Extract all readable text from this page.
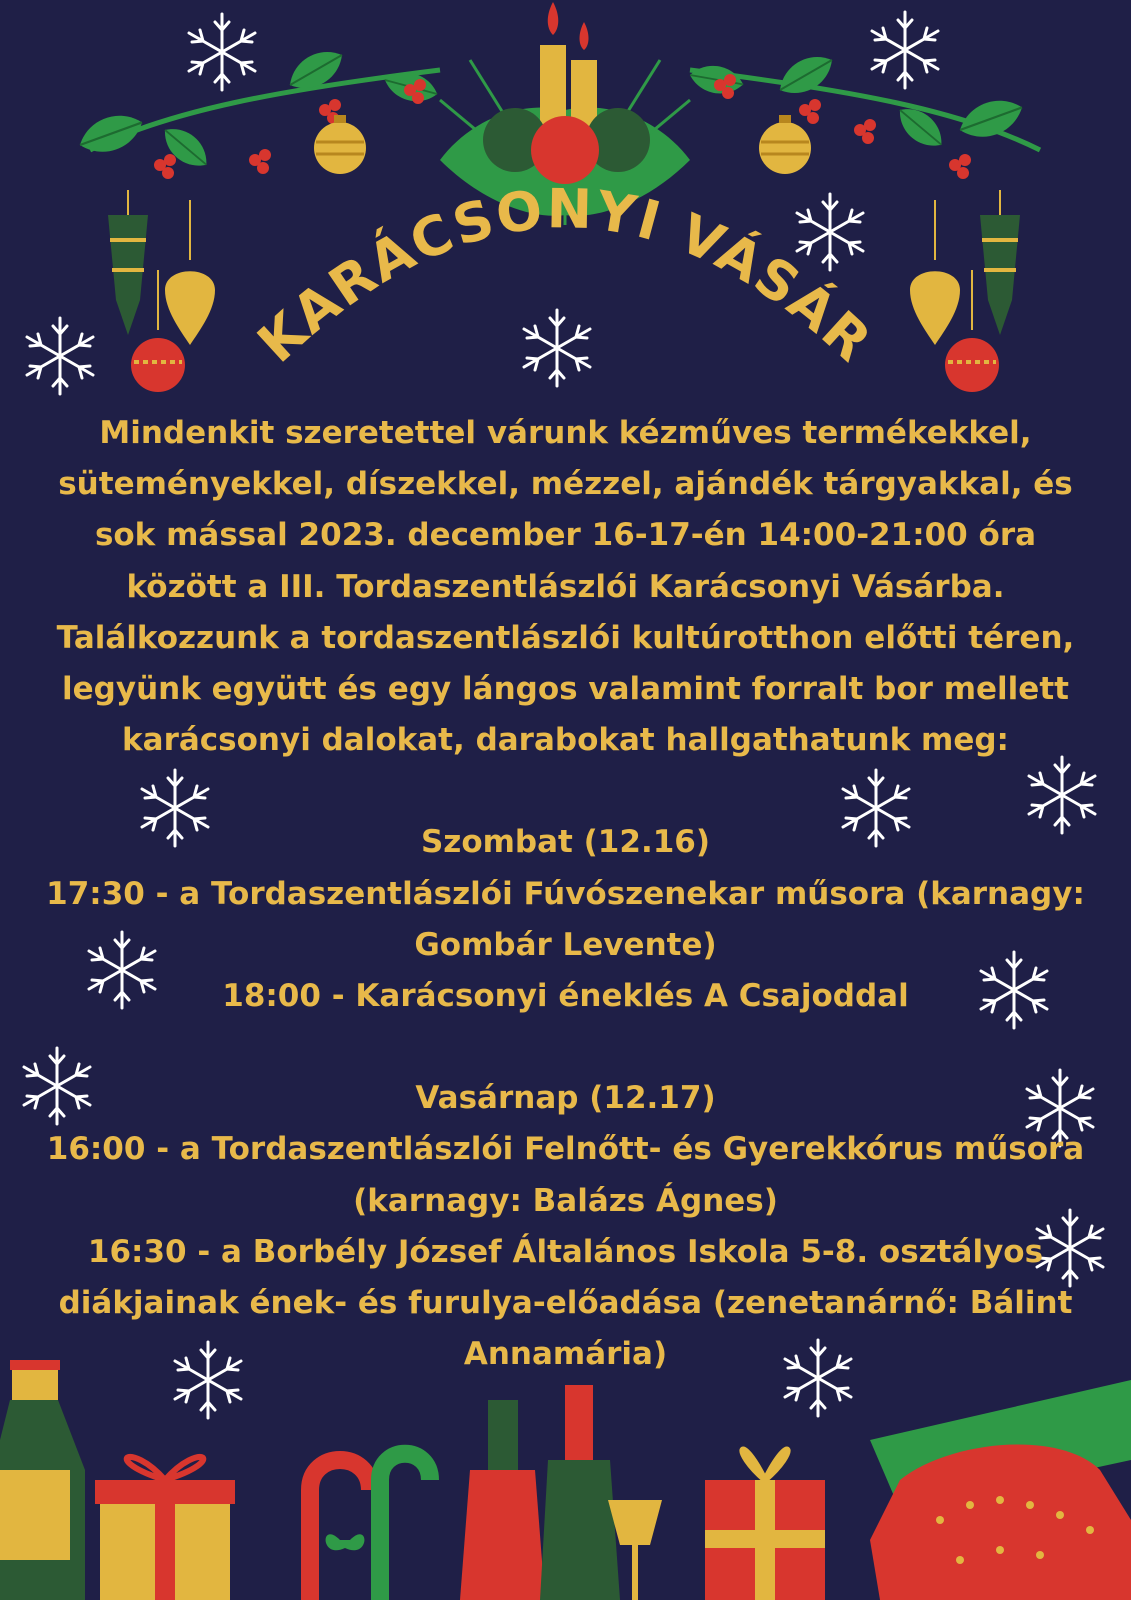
KARÁCSONYI VÁSÁR

Mindenkit szeretettel várunk kézműves termékekkel,

süteményekkel, díszekkel, mézzel, ajándék tárgyakkal, és

sok mással 2023. december 16-17-én 14:00-21:00 óra

között a III. Tordaszentlászlói Karácsonyi Vásárba.

Találkozzunk a tordaszentlászlói kultúrotthon előtti téren,

legyünk együtt és egy lángos valamint forralt bor mellett

karácsonyi dalokat, darabokat hallgathatunk meg:

Szombat (12.16)

17:30 - a Tordaszentlászlói Fúvószenekar műsora (karnagy:

Gombár Levente)

18:00 - Karácsonyi éneklés A Csajoddal

Vasárnap (12.17)

16:00 - a Tordaszentlászlói Felnőtt- és Gyerekkórus műsora

(karnagy: Balázs Ágnes)

16:30 - a Borbély József Általános Iskola 5-8. osztályos

diákjainak ének- és furulya-előadása (zenetanárnő: Bálint

Annamária)
